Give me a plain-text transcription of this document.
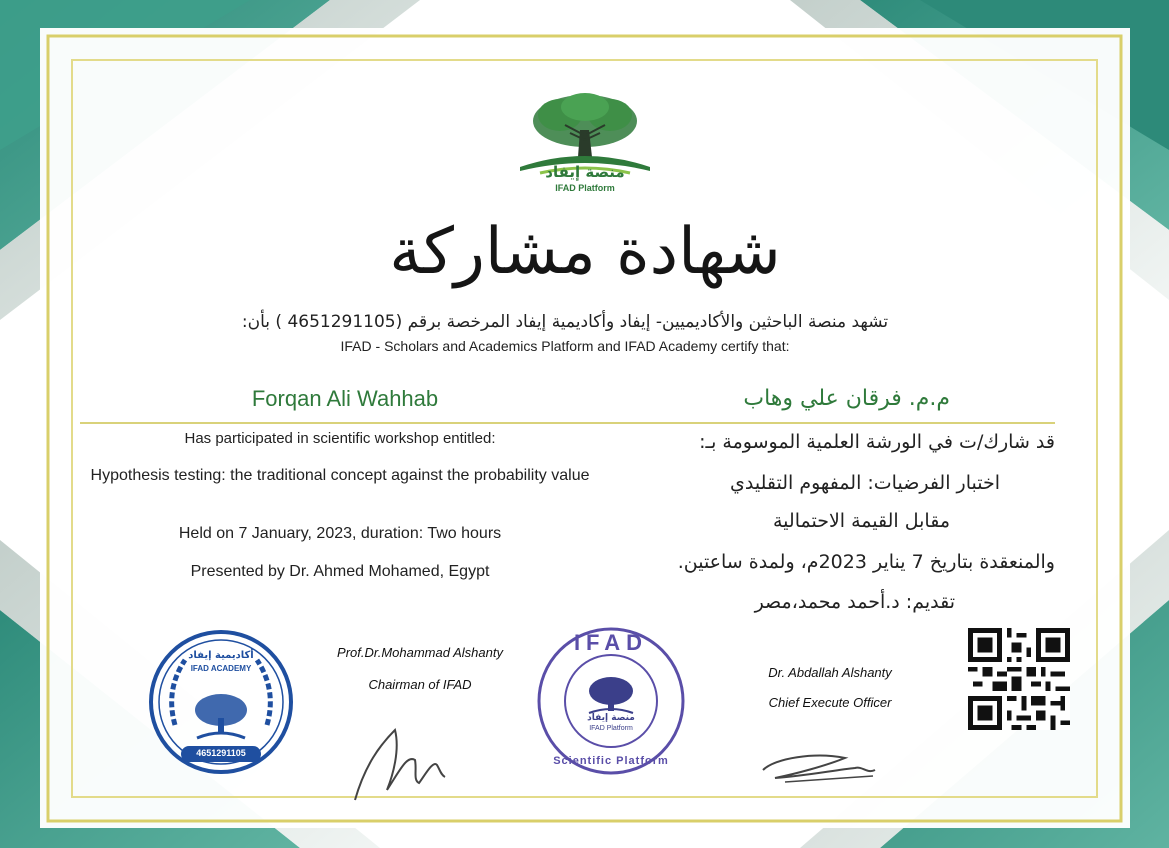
منصة إيفاد
IFAD Platform
شهادة مشاركة
تشهد منصة الباحثين والأكاديميين- إيفاد وأكاديمية إيفاد المرخصة برقم (4651291105 ) بأن:
IFAD - Scholars and Academics Platform and IFAD Academy certify that:
Forqan Ali Wahhab	م.م. فرقان علي وهاب
Has participated in scientific workshop entitled:
Hypothesis testing: the traditional concept against the probability value
Held on 7 January, 2023, duration: Two hours
Presented by Dr. Ahmed Mohamed, Egypt
قد شارك/ت في الورشة العلمية الموسومة بـ:
اختبار الفرضيات: المفهوم التقليدي
مقابل القيمة الاحتمالية
والمنعقدة بتاريخ 7 يناير 2023م، ولمدة ساعتين.
تقديم: د.أحمد محمد،مصر
أكاديمية إيفاد
IFAD ACADEMY
4651291105
Prof.Dr.Mohammad Alshanty
Chairman of IFAD
IFAD
Scientific Platform
منصة إيفاد
IFAD Platform
Dr. Abdallah Alshanty
Chief Execute Officer
